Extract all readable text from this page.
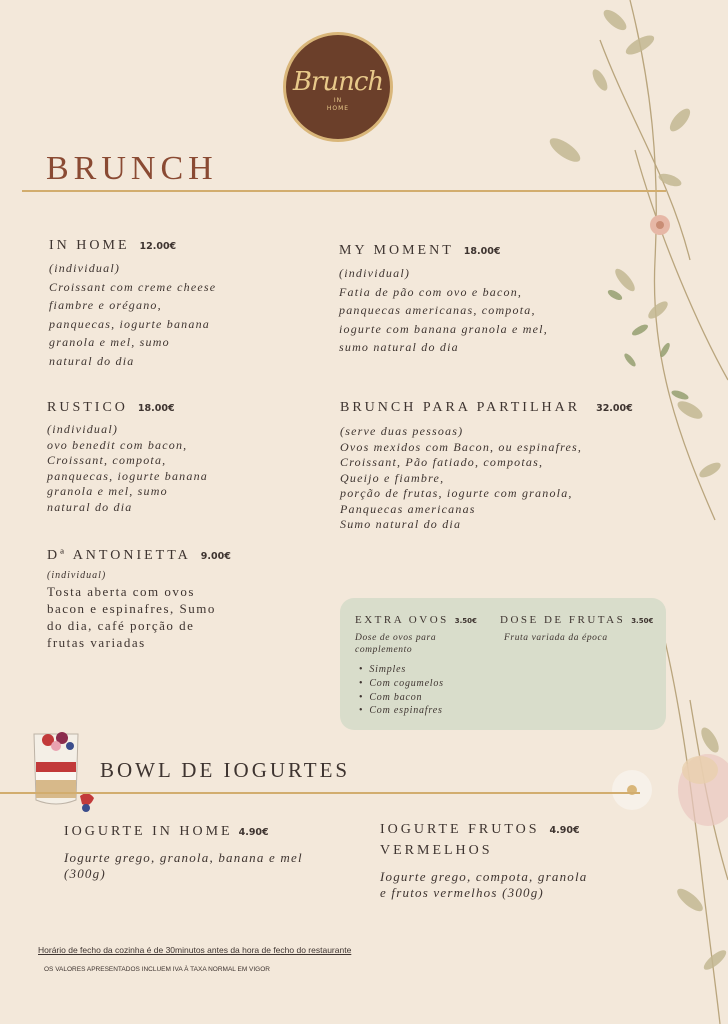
Brunch
IN
HOME
BRUNCH
IN HOME 12.00€
(individual)
Croissant com creme cheese
fiambre e orégano,
panquecas, iogurte banana
granola e mel, sumo
natural do dia
MY MOMENT 18.00€
(individual)
Fatia de pão com ovo e bacon,
panquecas americanas, compota,
iogurte com banana granola e mel,
sumo natural do dia
RUSTICO 18.00€
(individual)
ovo benedit com bacon,
Croissant, compota,
panquecas, iogurte banana
granola e mel, sumo
natural do dia
BRUNCH PARA PARTILHAR 32.00€
(serve duas pessoas)
Ovos mexidos com Bacon, ou espinafres,
Croissant, Pão fatiado, compotas,
Queijo e fiambre,
porção de frutas, iogurte com granola,
Panquecas americanas
Sumo natural do dia
Dª ANTONIETTA 9.00€
(individual)
Tosta aberta com ovos
bacon e espinafres, Sumo
do dia, café porção de
frutas variadas
EXTRA OVOS 3.50€
Dose de ovos para
complemento
• Simples
• Com cogumelos
• Com bacon
• Com espinafres
DOSE DE FRUTAS 3.50€
Fruta variada da época
BOWL DE IOGURTES
IOGURTE IN HOME 4.90€
Iogurte grego, granola, banana e mel
(300g)
IOGURTE FRUTOS 4.90€
VERMELHOS
Iogurte grego, compota, granola
e frutos vermelhos (300g)
Horário de fecho da cozinha é de 30minutos antes da hora de fecho do restaurante
OS VALORES APRESENTADOS INCLUEM IVA À TAXA NORMAL EM VIGOR
